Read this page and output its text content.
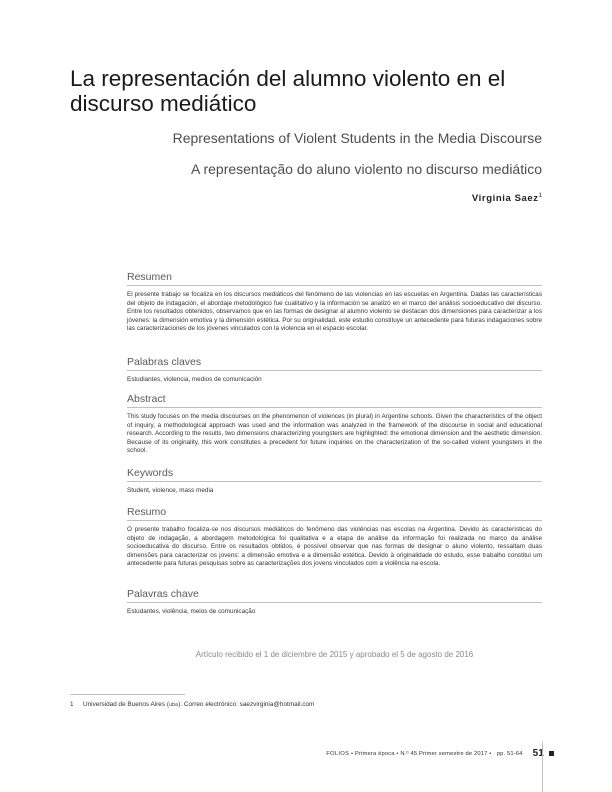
La representación del alumno violento en el discurso mediático
Representations of Violent Students in the Media Discourse
A representação do aluno violento no discurso mediático
Virginia Saez$^1$
Resumen

El presente trabajo se focaliza en los discursos mediáticos del fenómeno de las violencias en las escuelas en Argentina. Dadas las características del objeto de indagación, el abordaje metodológico fue cualitativo y la información se analizó en el marco del análisis socioeducativo del discurso. Entre los resultados obtenidos, observamos que en las formas de designar al alumno violento se destacan dos dimensiones para caracterizar a los jóvenes: la dimensión emotiva y la dimensión estética. Por su originalidad, este estudio constituye un antecedente para futuras indagaciones sobre las caracterizaciones de los jóvenes vinculados con la violencia en el espacio escolar.

Palabras claves

Estudiantes, violencia, medios de comunicación

Abstract

This study focuses on the media discourses on the phenomenon of violences (in plural) in Argentine schools. Given the characteristics of the object of inquiry, a methodological approach was used and the information was analyzed in the framework of the discourse in social and educational research. According to the results, two dimensions characterizing youngsters are highlighted: the emotional dimension and the aesthetic dimension. Because of its originality, this work constitutes a precedent for future inquiries on the characterization of the so-called violent youngsters in the school.

Keywords

Student, violence, mass media

Resumo

O presente trabalho focaliza-se nos discursos mediáticos do fenômeno das violências nas escolas na Argentina. Devido às características do objeto de indagação, a abordagem metodológica foi qualitativa e a etapa de análise da informação foi realizada no marco da análise socioeducativa do discurso. Entre os resultados obtidos, é possível observar que nas formas de designar o aluno violento, ressaltam duas dimensões para caracterizar os jovens: a dimensão emotiva e a dimensão estética. Devido à originalidade do estudo, esse trabalho constitui um antecedente para futuras pesquisas sobre as caracterizações dos jovens vinculados com a violência na escola.

Palavras chave

Estudantes, violência, meios de comunicação

Artículo recibido el 1 de diciembre de 2015 y aprobado el 5 de agosto de 2016
1 Universidad de Buenos Aires (uba). Correo electrónico: saezvirginia@hotmail.com
FOLIOS • Primera época • N.º 45 Primer semestre de 2017 •   pp. 51-64 51
